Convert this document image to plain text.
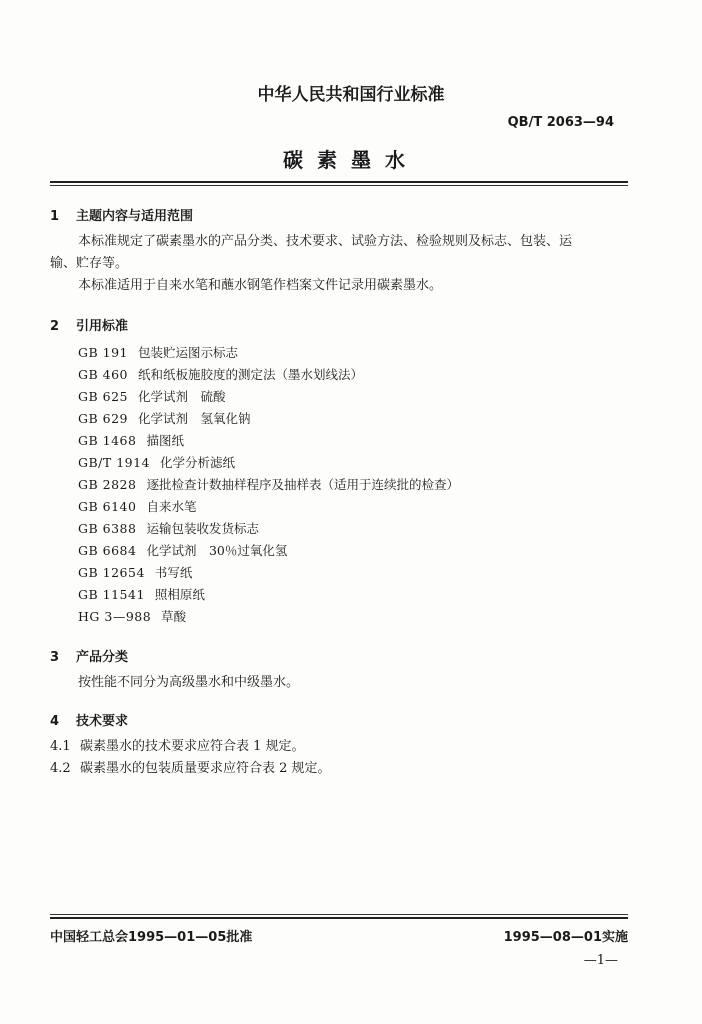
中华人民共和国行业标准
QB/T 2063—94
碳素墨水
1 主题内容与适用范围
本标准规定了碳素墨水的产品分类、技术要求、试验方法、检验规则及标志、包装、运
输、贮存等。
本标准适用于自来水笔和蘸水钢笔作档案文件记录用碳素墨水。
2 引用标准
GB 191 包装贮运图示标志
GB 460 纸和纸板施胶度的测定法（墨水划线法）
GB 625 化学试剂　硫酸
GB 629 化学试剂　氢氧化钠
GB 1468 描图纸
GB/T 1914 化学分析滤纸
GB 2828 逐批检查计数抽样程序及抽样表（适用于连续批的检查）
GB 6140 自来水笔
GB 6388 运输包装收发货标志
GB 6684 化学试剂　30％过氧化氢
GB 12654 书写纸
GB 11541 照相原纸
HG 3—988 草酸
3 产品分类
按性能不同分为高级墨水和中级墨水。
4 技术要求
4.1 碳素墨水的技术要求应符合表 1 规定。
4.2 碳素墨水的包装质量要求应符合表 2 规定。
中国轻工总会1995—01—05批准	1995—08—01实施
—1—
